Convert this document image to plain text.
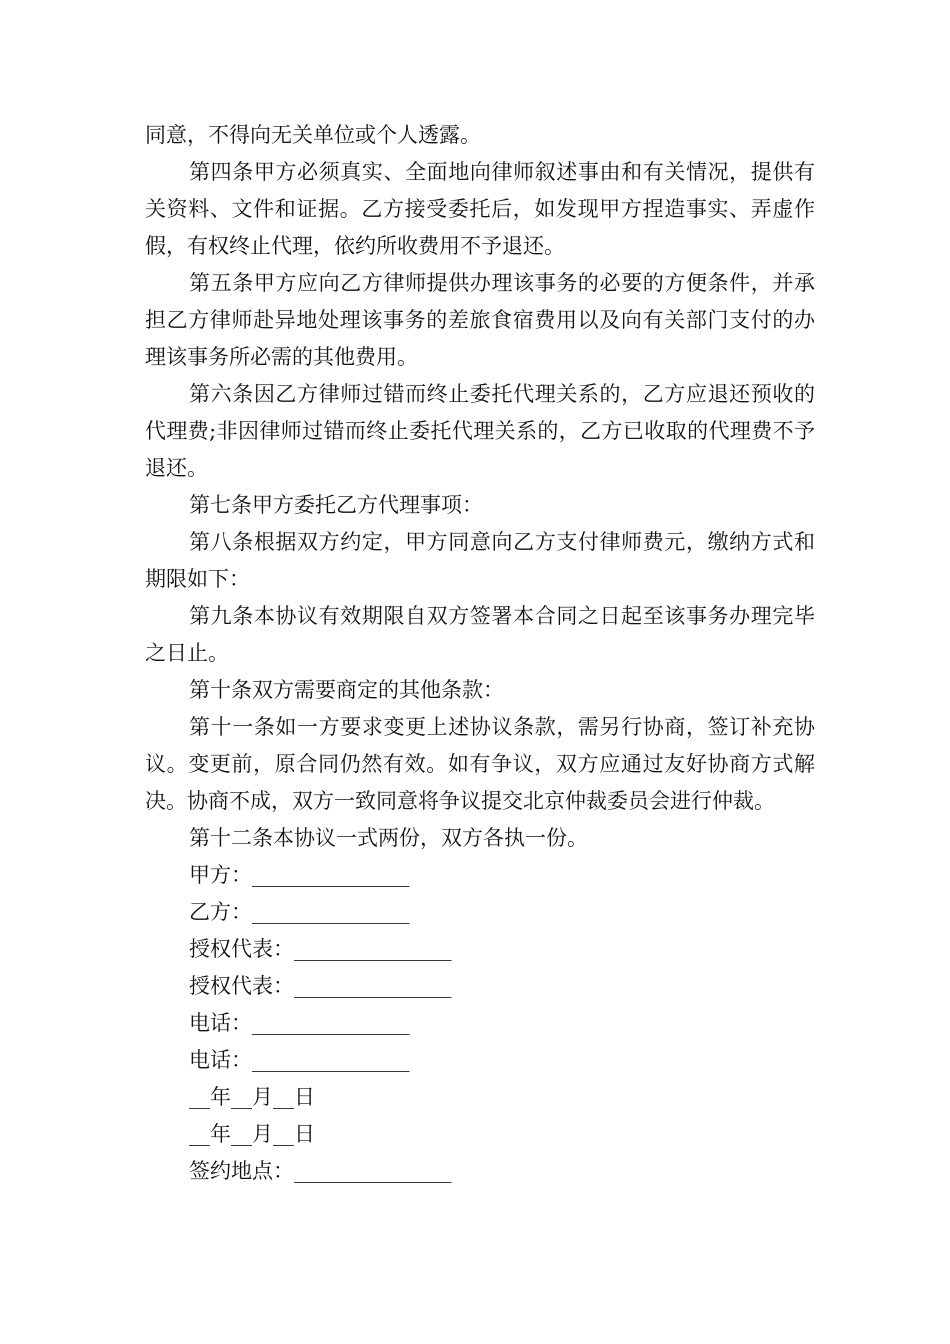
同意，不得向无关单位或个人透露。

第四条甲方必须真实、全面地向律师叙述事由和有关情况，提供有关资料、文件和证据。乙方接受委托后，如发现甲方捏造事实、弄虚作假，有权终止代理，依约所收费用不予退还。

第五条甲方应向乙方律师提供办理该事务的必要的方便条件，并承担乙方律师赴异地处理该事务的差旅食宿费用以及向有关部门支付的办理该事务所必需的其他费用。

第六条因乙方律师过错而终止委托代理关系的，乙方应退还预收的代理费;非因律师过错而终止委托代理关系的，乙方已收取的代理费不予退还。

第七条甲方委托乙方代理事项：

第八条根据双方约定，甲方同意向乙方支付律师费元，缴纳方式和期限如下：

第九条本协议有效期限自双方签署本合同之日起至该事务办理完毕之日止。

第十条双方需要商定的其他条款：

第十一条如一方要求变更上述协议条款，需另行协商，签订补充协议。变更前，原合同仍然有效。如有争议，双方应通过友好协商方式解决。协商不成，双方一致同意将争议提交北京仲裁委员会进行仲裁。

第十二条本协议一式两份，双方各执一份。

甲方：_______________

乙方：_______________

授权代表：_______________

授权代表：_______________

电话：_______________

电话：_______________

__年__月__日

__年__月__日

签约地点：_______________
